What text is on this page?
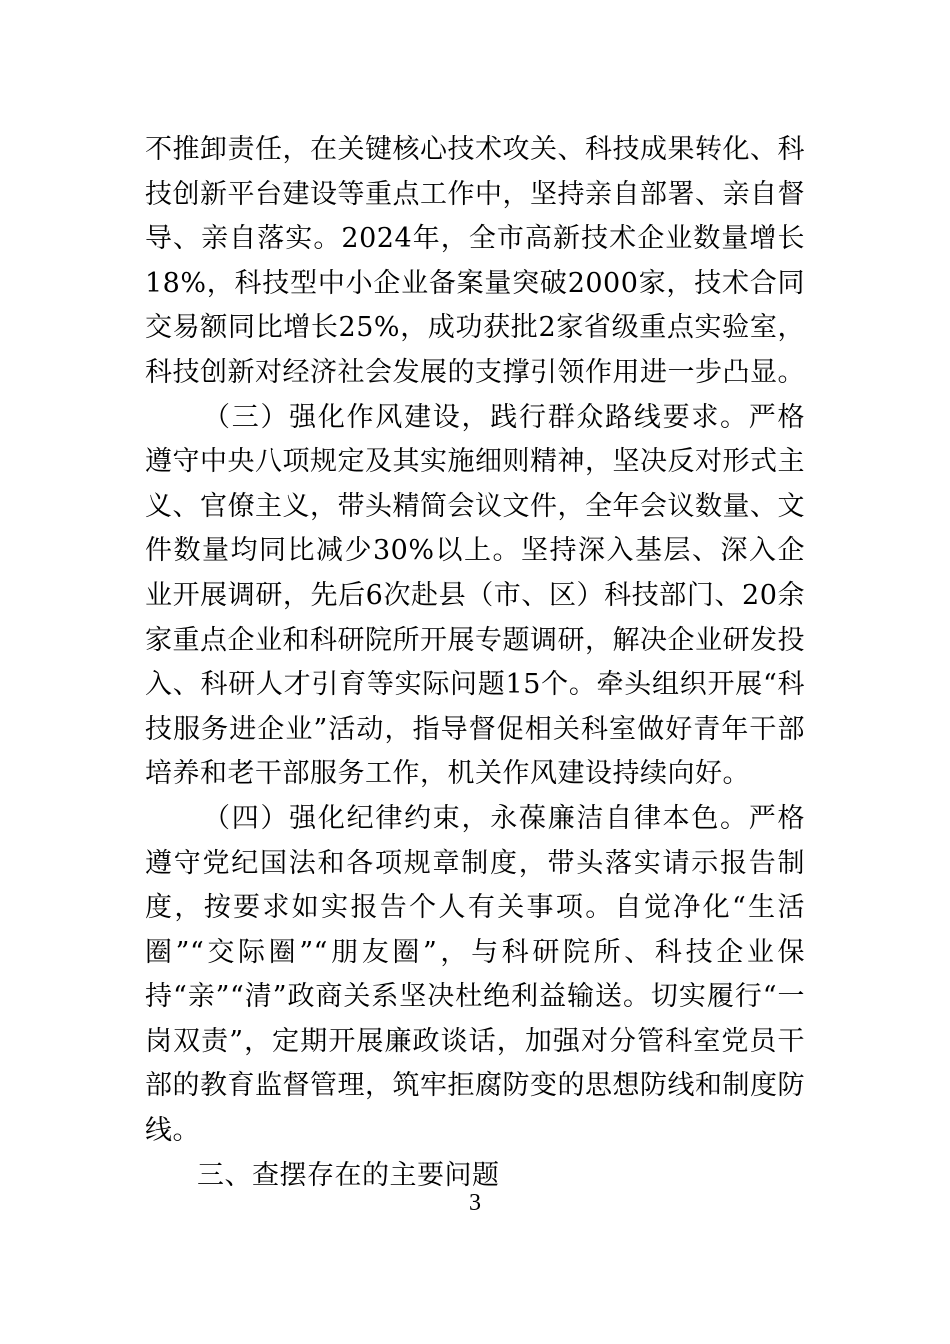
不推卸责任，在关键核心技术攻关、科技成果转化、科技创新平台建设等重点工作中，坚持亲自部署、亲自督导、亲自落实。2024年，全市高新技术企业数量增长18%，科技型中小企业备案量突破2000家，技术合同交易额同比增长25%，成功获批2家省级重点实验室，科技创新对经济社会发展的支撑引领作用进一步凸显。

（三）强化作风建设，践行群众路线要求。严格遵守中央八项规定及其实施细则精神，坚决反对形式主义、官僚主义，带头精简会议文件，全年会议数量、文件数量均同比减少30%以上。坚持深入基层、深入企业开展调研，先后6次赴县（市、区）科技部门、20余家重点企业和科研院所开展专题调研，解决企业研发投入、科研人才引育等实际问题15个。牵头组织开展“科技服务进企业”活动，指导督促相关科室做好青年干部培养和老干部服务工作，机关作风建设持续向好。

（四）强化纪律约束，永葆廉洁自律本色。严格遵守党纪国法和各项规章制度，带头落实请示报告制度，按要求如实报告个人有关事项。自觉净化“生活圈”“交际圈”“朋友圈”，与科研院所、科技企业保持“亲”“清”政商关系坚决杜绝利益输送。切实履行“一岗双责”，定期开展廉政谈话，加强对分管科室党员干部的教育监督管理，筑牢拒腐防变的思想防线和制度防线。

三、查摆存在的主要问题

3
